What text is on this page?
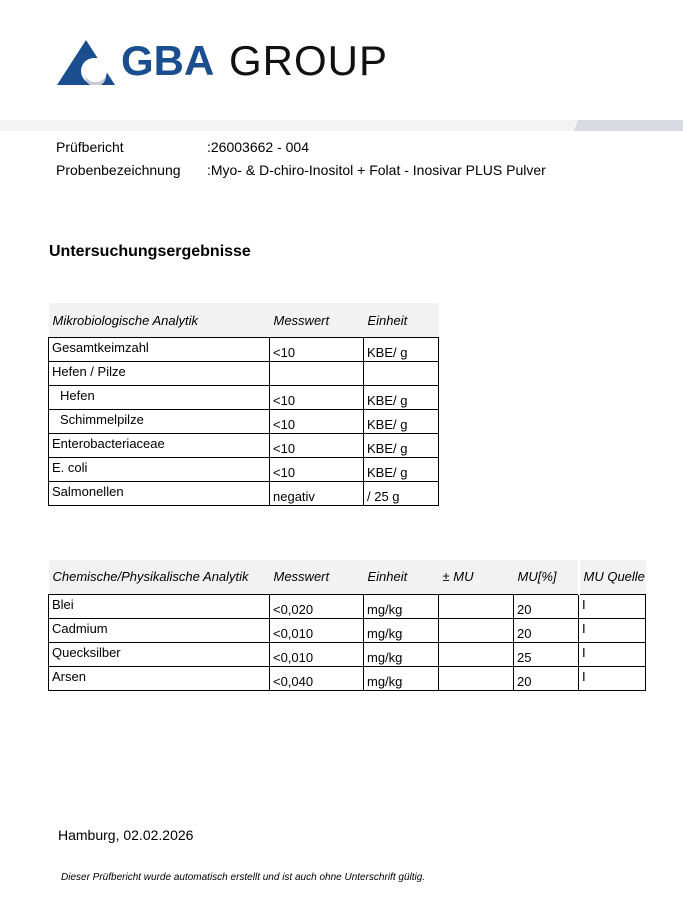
GBA GROUP
Prüfbericht	:26003662 - 004
Probenbezeichnung :Myo- & D-chiro-Inositol + Folat - Inosivar PLUS Pulver
Untersuchungsergebnisse
Mikrobiologische Analytik	Messwert	Einheit
Gesamtkeimzahl	<10	KBE/ g
Hefen / Pilze		
Hefen	<10	KBE/ g
Schimmelpilze	<10	KBE/ g
Enterobacteriaceae	<10	KBE/ g
E. coli	<10	KBE/ g
Salmonellen	negativ	/ 25 g
Chemische/Physikalische Analytik	Messwert	Einheit	± MU	MU[%]	MU Quelle
Blei	<0,020	mg/kg		20	I
Cadmium	<0,010	mg/kg		20	I
Quecksilber	<0,010	mg/kg		25	I
Arsen	<0,040	mg/kg		20	I
Hamburg, 02.02.2026
Dieser Prüfbericht wurde automatisch erstellt und ist auch ohne Unterschrift gültig.
